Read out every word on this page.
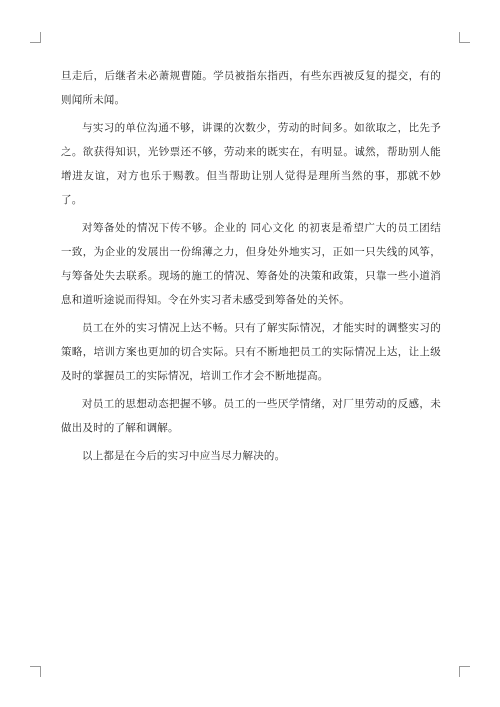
旦走后，后继者未必萧规曹随。学员被指东指西，有些东西被反复的提交，有的则闻所未闻。

与实习的单位沟通不够，讲课的次数少，劳动的时间多。如欲取之，比先予之。欲获得知识，光钞票还不够，劳动来的既实在，有明显。诚然，帮助别人能增进友谊，对方也乐于赐教。但当帮助让别人觉得是理所当然的事，那就不妙了。

对筹备处的情况下传不够。企业的 同心文化 的初衷是希望广大的员工团结一致，为企业的发展出一份绵薄之力，但身处外地实习，正如一只失线的风筝，与筹备处失去联系。现场的施工的情况、筹备处的决策和政策，只靠一些小道消息和道听途说而得知。令在外实习者未感受到筹备处的关怀。

员工在外的实习情况上达不畅。只有了解实际情况，才能实时的调整实习的策略，培训方案也更加的切合实际。只有不断地把员工的实际情况上达，让上级及时的掌握员工的实际情况，培训工作才会不断地提高。

对员工的思想动态把握不够。员工的一些厌学情绪，对厂里劳动的反感，未做出及时的了解和调解。

以上都是在今后的实习中应当尽力解决的。
